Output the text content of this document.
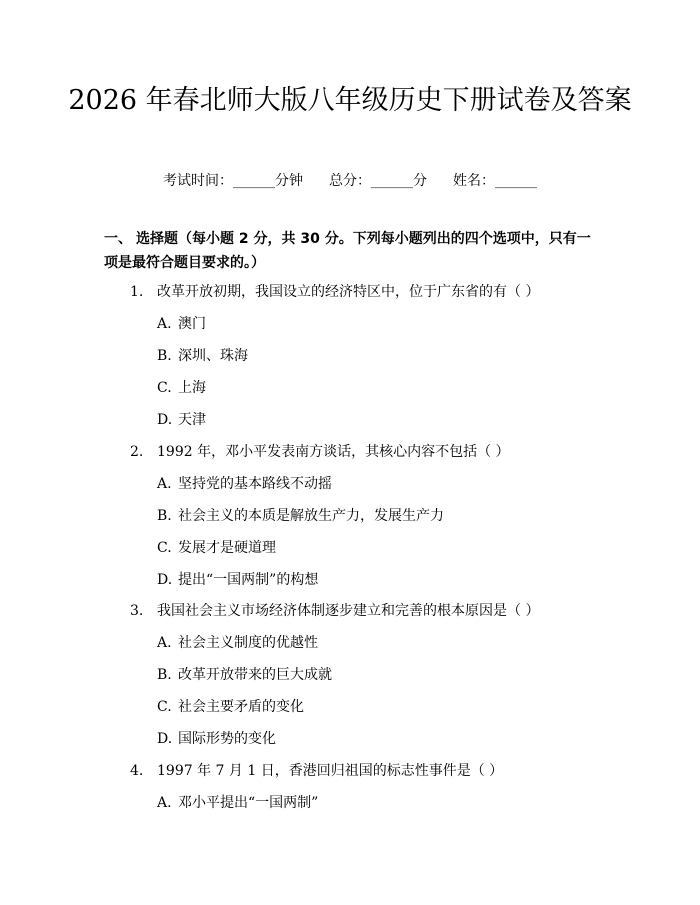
2026 年春北师大版八年级历史下册试卷及答案
考试时间：______分钟 总分：______分 姓名：______
一、 选择题（每小题 2 分，共 30 分。下列每小题列出的四个选项中，只有一项是最符合题目要求的。）
1. 改革开放初期，我国设立的经济特区中，位于广东省的有（ ）
A. 澳门
B. 深圳、珠海
C. 上海
D. 天津
2. 1992 年，邓小平发表南方谈话，其核心内容不包括（ ）
A. 坚持党的基本路线不动摇
B. 社会主义的本质是解放生产力，发展生产力
C. 发展才是硬道理
D. 提出“一国两制”的构想
3. 我国社会主义市场经济体制逐步建立和完善的根本原因是（ ）
A. 社会主义制度的优越性
B. 改革开放带来的巨大成就
C. 社会主要矛盾的变化
D. 国际形势的变化
4. 1997 年 7 月 1 日，香港回归祖国的标志性事件是（ ）
A. 邓小平提出“一国两制”
